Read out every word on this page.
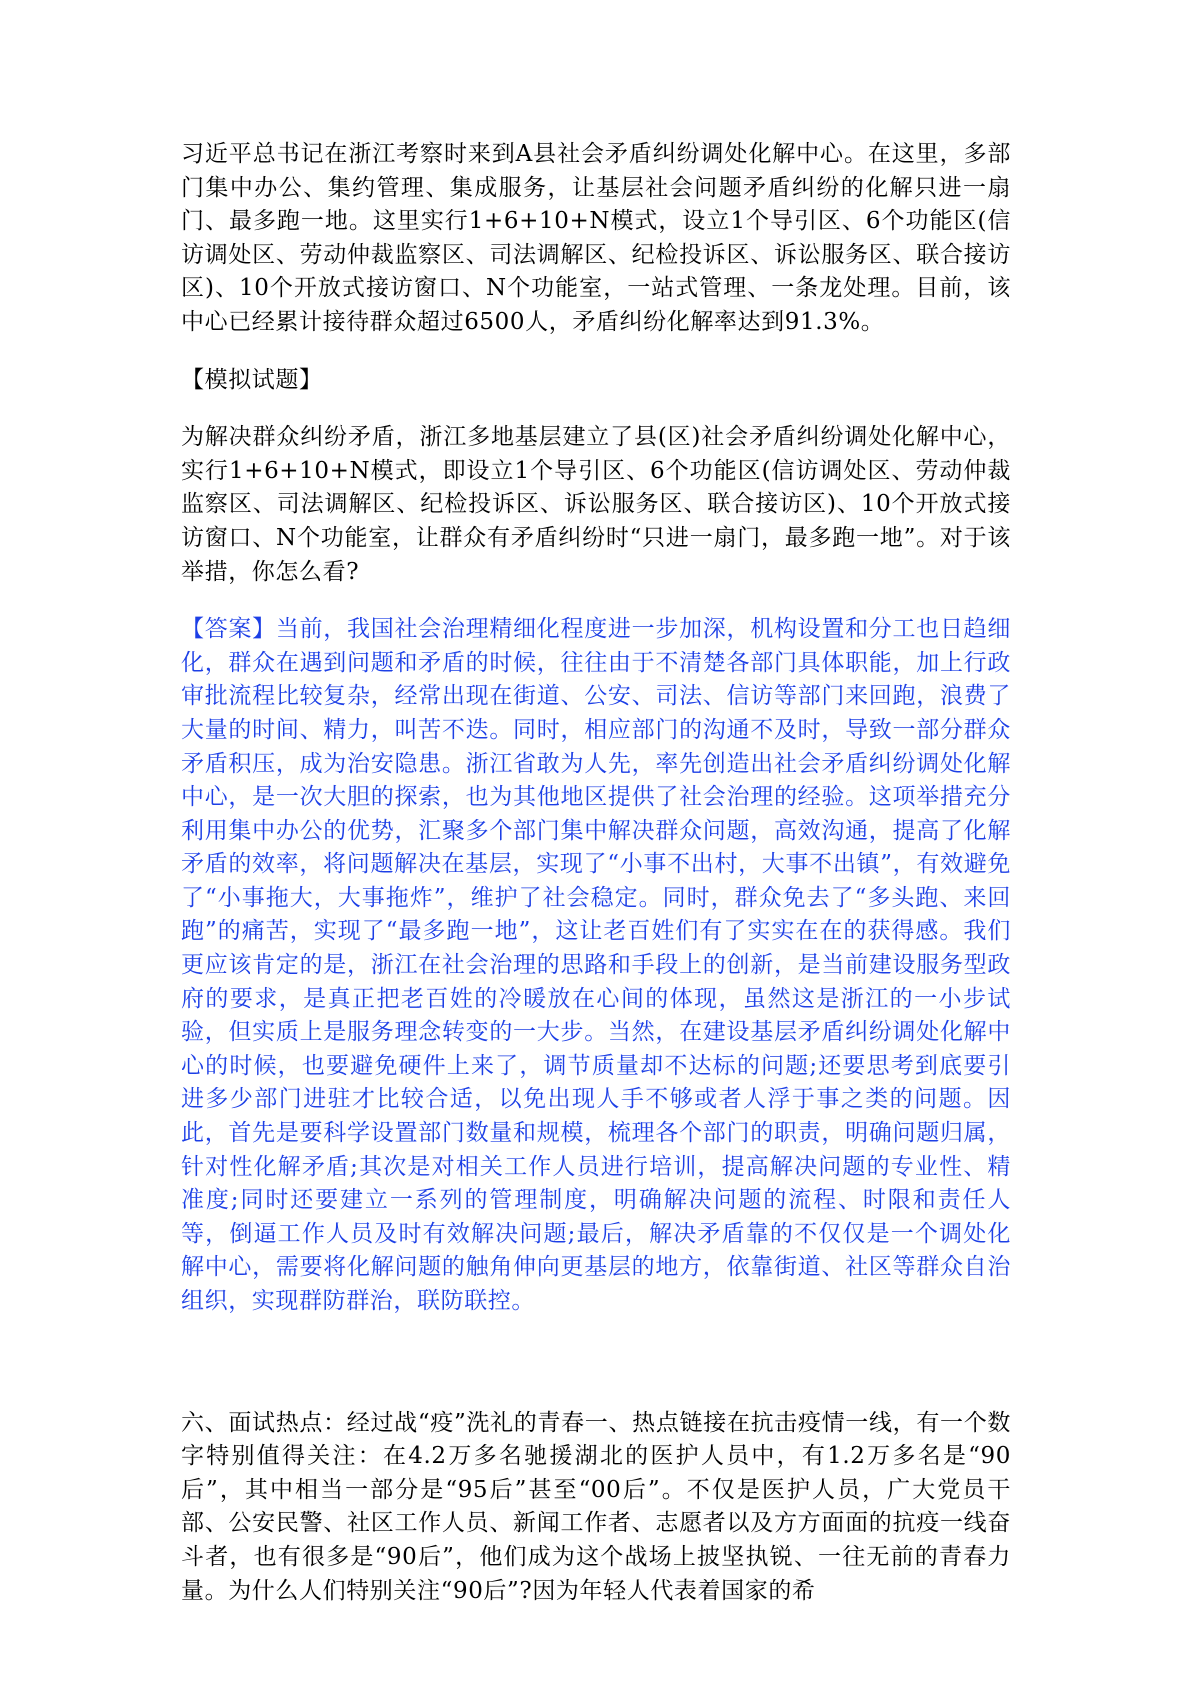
习近平总书记在浙江考察时来到A县社会矛盾纠纷调处化解中心。在这里，多部门集中办公、集约管理、集成服务，让基层社会问题矛盾纠纷的化解只进一扇门、最多跑一地。这里实行1+6+10+N模式，设立1个导引区、6个功能区(信访调处区、劳动仲裁监察区、司法调解区、纪检投诉区、诉讼服务区、联合接访区)、10个开放式接访窗口、N个功能室，一站式管理、一条龙处理。目前，该中心已经累计接待群众超过6500人，矛盾纠纷化解率达到91.3%。

【模拟试题】

为解决群众纠纷矛盾，浙江多地基层建立了县(区)社会矛盾纠纷调处化解中心，实行1+6+10+N模式，即设立1个导引区、6个功能区(信访调处区、劳动仲裁监察区、司法调解区、纪检投诉区、诉讼服务区、联合接访区)、10个开放式接访窗口、N个功能室，让群众有矛盾纠纷时“只进一扇门，最多跑一地”。对于该举措，你怎么看?

【答案】当前，我国社会治理精细化程度进一步加深，机构设置和分工也日趋细化，群众在遇到问题和矛盾的时候，往往由于不清楚各部门具体职能，加上行政审批流程比较复杂，经常出现在街道、公安、司法、信访等部门来回跑，浪费了大量的时间、精力，叫苦不迭。同时，相应部门的沟通不及时，导致一部分群众矛盾积压，成为治安隐患。浙江省敢为人先，率先创造出社会矛盾纠纷调处化解中心，是一次大胆的探索，也为其他地区提供了社会治理的经验。这项举措充分利用集中办公的优势，汇聚多个部门集中解决群众问题，高效沟通，提高了化解矛盾的效率，将问题解决在基层，实现了“小事不出村，大事不出镇”，有效避免了“小事拖大，大事拖炸”，维护了社会稳定。同时，群众免去了“多头跑、来回跑”的痛苦，实现了“最多跑一地”，这让老百姓们有了实实在在的获得感。我们更应该肯定的是，浙江在社会治理的思路和手段上的创新，是当前建设服务型政府的要求，是真正把老百姓的冷暖放在心间的体现，虽然这是浙江的一小步试验，但实质上是服务理念转变的一大步。当然，在建设基层矛盾纠纷调处化解中心的时候，也要避免硬件上来了，调节质量却不达标的问题;还要思考到底要引进多少部门进驻才比较合适，以免出现人手不够或者人浮于事之类的问题。因此，首先是要科学设置部门数量和规模，梳理各个部门的职责，明确问题归属，针对性化解矛盾;其次是对相关工作人员进行培训，提高解决问题的专业性、精准度;同时还要建立一系列的管理制度，明确解决问题的流程、时限和责任人等，倒逼工作人员及时有效解决问题;最后，解决矛盾靠的不仅仅是一个调处化解中心，需要将化解问题的触角伸向更基层的地方，依靠街道、社区等群众自治组织，实现群防群治，联防联控。

六、面试热点：经过战“疫”洗礼的青春一、热点链接在抗击疫情一线，有一个数字特别值得关注：在4.2万多名驰援湖北的医护人员中，有1.2万多名是“90后”，其中相当一部分是“95后”甚至“00后”。不仅是医护人员，广大党员干部、公安民警、社区工作人员、新闻工作者、志愿者以及方方面面的抗疫一线奋斗者，也有很多是“90后”，他们成为这个战场上披坚执锐、一往无前的青春力量。为什么人们特别关注“90后”?因为年轻人代表着国家的希
